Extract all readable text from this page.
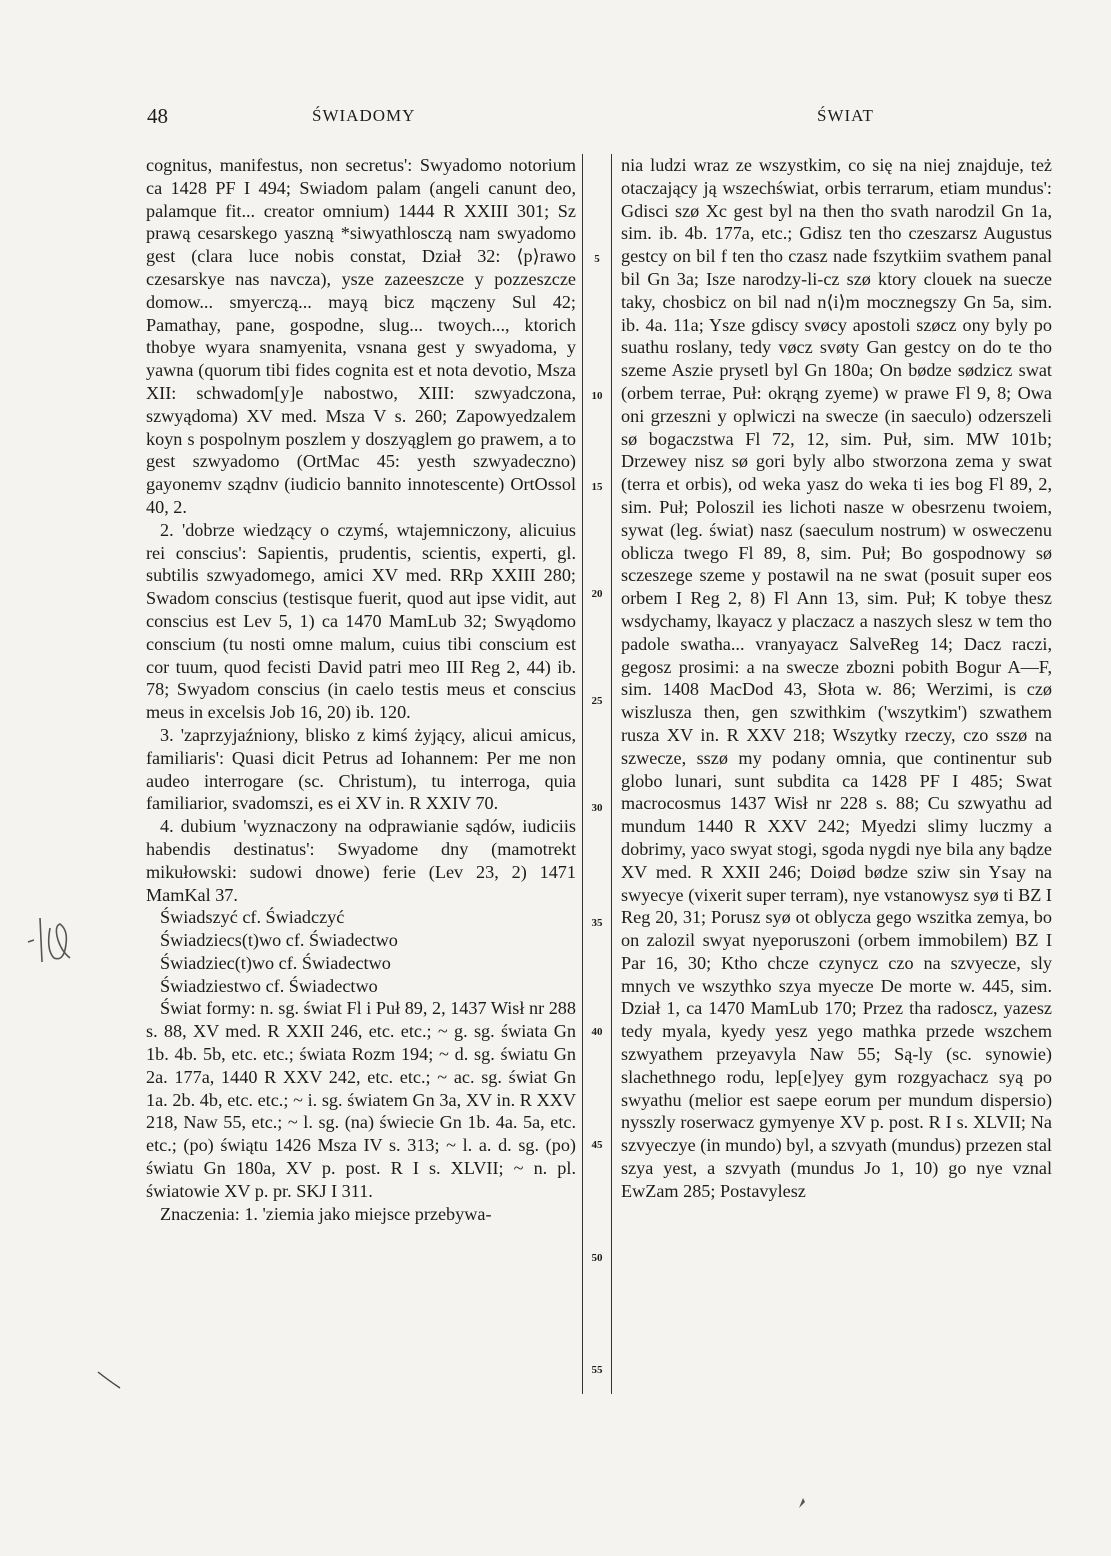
48	ŚWIADOMY	ŚWIAT

cognitus, manifestus, non secretus': Swyadomo notorium ca 1428 PF I 494; Swiadom palam (angeli canunt deo, palamque fit... creator omnium) 1444 R XXIII 301; Sz prawą cesarskego yaszną *siwyathlosczą nam swyadomo gest (clara luce nobis constat, Dział 32: ⟨p⟩rawo czesarskye nas navcza), ysze zazeeszcze y pozzeszcze domow... smyerczą... mayą bicz mączeny Sul 42; Pamathay, pane, gospodne, slug... twoych..., ktorich thobye wyara snamyenita, vsnana gest y swyadoma, y yawna (quorum tibi fides cognita est et nota devotio, Msza XII: schwadom[y]e nabostwo, XIII: szwyadczona, szwyądoma) XV med. Msza V s. 260; Zapowyedzalem koyn s pospolnym poszlem y doszyąglem go prawem, a to gest szwyadomo (OrtMac 45: yesth szwyadeczno) gayonemv sządnv (iudicio bannito innotescente) OrtOssol 40, 2.

2. 'dobrze wiedzący o czymś, wtajemniczony, alicuius rei conscius': Sapientis, prudentis, scientis, experti, gl. subtilis szwyadomego, amici XV med. RRp XXIII 280; Swadom conscius (testisque fuerit, quod aut ipse vidit, aut conscius est Lev 5, 1) ca 1470 MamLub 32; Swyądomo conscium (tu nosti omne malum, cuius tibi conscium est cor tuum, quod fecisti David patri meo III Reg 2, 44) ib. 78; Swyadom conscius (in caelo testis meus et conscius meus in excelsis Job 16, 20) ib. 120.

3. 'zaprzyjaźniony, blisko z kimś żyjący, alicui amicus, familiaris': Quasi dicit Petrus ad Iohannem: Per me non audeo interrogare (sc. Christum), tu interroga, quia familiarior, svadomszi, es ei XV in. R XXIV 70.

4. dubium 'wyznaczony na odprawianie sądów, iudiciis habendis destinatus': Swyadome dny (mamotrekt mikułowski: sudowi dnowe) ferie (Lev 23, 2) 1471 MamKal 37.

Świadszyć cf. Świadczyć

Świadziecs(t)wo cf. Świadectwo

Świadziec(t)wo cf. Świadectwo

Świadziestwo cf. Świadectwo

Świat formy: n. sg. świat Fl i Puł 89, 2, 1437 Wisł nr 288 s. 88, XV med. R XXII 246, etc. etc.; ~ g. sg. świata Gn 1b. 4b. 5b, etc. etc.; świata Rozm 194; ~ d. sg. światu Gn 2a. 177a, 1440 R XXV 242, etc. etc.; ~ ac. sg. świat Gn 1a. 2b. 4b, etc. etc.; ~ i. sg. światem Gn 3a, XV in. R XXV 218, Naw 55, etc.; ~ l. sg. (na) świecie Gn 1b. 4a. 5a, etc. etc.; (po) świątu 1426 Msza IV s. 313; ~ l. a. d. sg. (po) światu Gn 180a, XV p. post. R I s. XLVII; ~ n. pl. światowie XV p. pr. SKJ I 311.

Znaczenia: 1. 'ziemia jako miejsce przebywa-

5
10
15
20
25
30
35
40
45
50
55

nia ludzi wraz ze wszystkim, co się na niej znajduje, też otaczający ją wszechświat, orbis terrarum, etiam mundus': Gdisci szø Xc gest byl na then tho svath narodzil Gn 1a, sim. ib. 4b. 177a, etc.; Gdisz ten tho czeszarsz Augustus gestcy on bil f ten tho czasz nade fszytkiim svathem panal bil Gn 3a; Isze narodzy-li-cz szø ktory clouek na suecze taky, chosbicz on bil nad n⟨i⟩m mocznegszy Gn 5a, sim. ib. 4a. 11a; Ysze gdiscy svøcy apostoli szøcz ony byly po suathu roslany, tedy vøcz svøty Gan gestcy on do te tho szeme Aszie prysetl byl Gn 180a; On bødze sødzicz swat (orbem terrae, Puł: okrąng zyeme) w prawe Fl 9, 8; Owa oni grzeszni y oplwiczi na swecze (in saeculo) odzerszeli sø bogaczstwa Fl 72, 12, sim. Puł, sim. MW 101b; Drzewey nisz sø gori byly albo stworzona zema y swat (terra et orbis), od weka yasz do weka ti ies bog Fl 89, 2, sim. Puł; Poloszil ies lichoti nasze w obesrzenu twoiem, sywat (leg. świat) nasz (saeculum nostrum) w osweczenu oblicza twego Fl 89, 8, sim. Puł; Bo gospodnowy sø sczeszege szeme y postawil na ne swat (posuit super eos orbem I Reg 2, 8) Fl Ann 13, sim. Puł; K tobye thesz wsdychamy, lkayacz y placzacz a naszych slesz w tem tho padole swatha... vranyayacz SalveReg 14; Dacz raczi, gegosz prosimi: a na swecze zbozni pobith Bogur A—F, sim. 1408 MacDod 43, Słota w. 86; Werzimi, is czø wiszlusza then, gen szwithkim ('wszytkim') szwathem rusza XV in. R XXV 218; Wszytky rzeczy, czo sszø na szwecze, sszø my podany omnia, que continentur sub globo lunari, sunt subdita ca 1428 PF I 485; Swat macrocosmus 1437 Wisł nr 228 s. 88; Cu szwyathu ad mundum 1440 R XXV 242; Myedzi slimy luczmy a dobrimy, yaco swyat stogi, sgoda nygdi nye bila any bądze XV med. R XXII 246; Doiød bødze sziw sin Ysay na swyecye (vixerit super terram), nye vstanowysz syø ti BZ I Reg 20, 31; Porusz syø ot oblycza gego wszitka zemya, bo on zalozil swyat nyeporuszoni (orbem immobilem) BZ I Par 16, 30; Ktho chcze czynycz czo na szvyecze, sly mnych ve wszythko szya myecze De morte w. 445, sim. Dział 1, ca 1470 MamLub 170; Przez tha radoscz, yazesz tedy myala, kyedy yesz yego mathka przede wszchem szwyathem przeyavyla Naw 55; Są-ly (sc. synowie) slachethnego rodu, lep[e]yey gym rozgyachacz syą po swyathu (melior est saepe eorum per mundum dispersio) nysszly roserwacz gymyenye XV p. post. R I s. XLVII; Na szvyeczye (in mundo) byl, a szvyath (mundus) przezen stal szya yest, a szvyath (mundus Jo 1, 10) go nye vznal EwZam 285; Postavylesz
